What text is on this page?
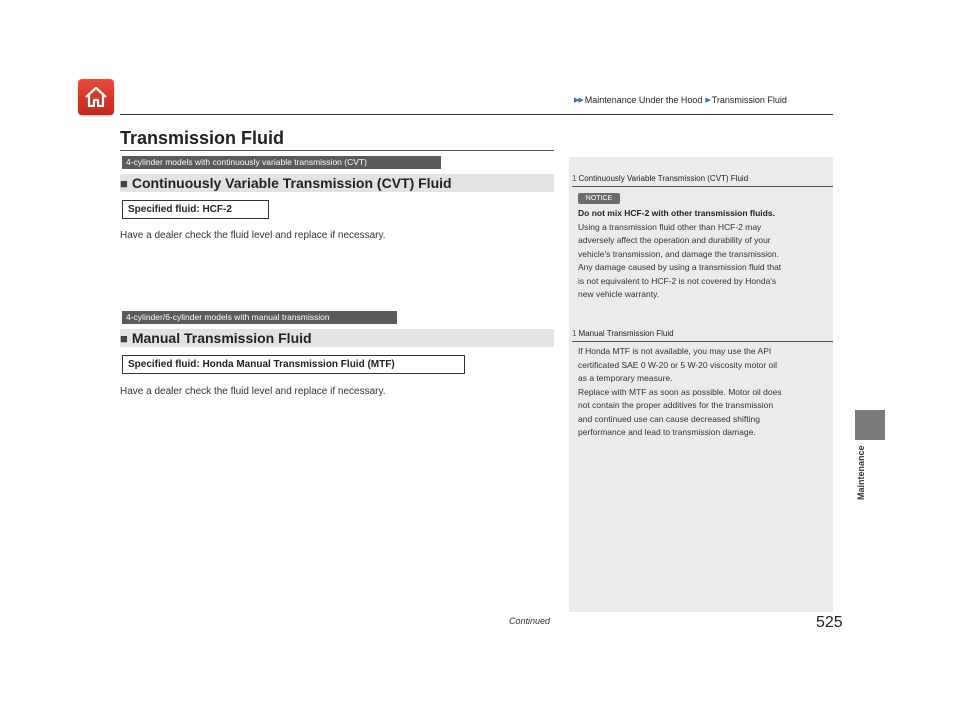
▶▶ Maintenance Under the Hood ▶ Transmission Fluid
Transmission Fluid
4-cylinder models with continuously variable transmission (CVT)
■ Continuously Variable Transmission (CVT) Fluid
Specified fluid: HCF-2
Have a dealer check the fluid level and replace if necessary.
4-cylinder/6-cylinder models with manual transmission
■ Manual Transmission Fluid
Specified fluid: Honda Manual Transmission Fluid (MTF)
Have a dealer check the fluid level and replace if necessary.
1 Continuously Variable Transmission (CVT) Fluid
NOTICE
Do not mix HCF-2 with other transmission fluids.
Using a transmission fluid other than HCF-2 may
adversely affect the operation and durability of your
vehicle's transmission, and damage the transmission.
Any damage caused by using a transmission fluid that
is not equivalent to HCF-2 is not covered by Honda's
new vehicle warranty.
1 Manual Transmission Fluid
If Honda MTF is not available, you may use the API
certificated SAE 0 W-20 or 5 W-20 viscosity motor oil
as a temporary measure.
Replace with MTF as soon as possible. Motor oil does
not contain the proper additives for the transmission
and continued use can cause decreased shifting
performance and lead to transmission damage.
Maintenance
Continued	525
